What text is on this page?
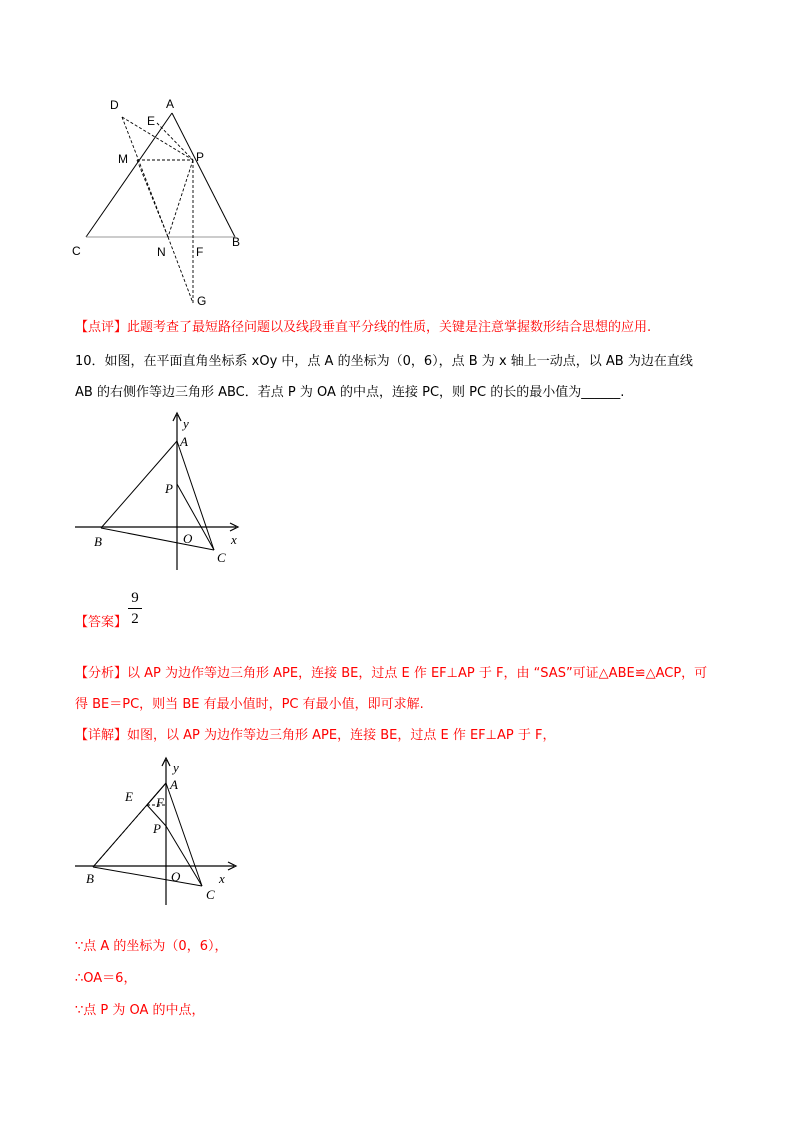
D	A
E
M	P
C	N	F
B
G
【点评】此题考查了最短路径问题以及线段垂直平分线的性质，关键是注意掌握数形结合思想的应用.
10．如图，在平面直角坐标系 xOy 中，点 A 的坐标为（0，6），点 B 为 x 轴上一动点，以 AB 为边在直线
AB 的右侧作等边三角形 ABC．若点 P 为 OA 的中点，连接 PC，则 PC 的长的最小值为______.
y
A
P
B	O	x
C
【答案】
9
2
【分析】以 AP 为边作等边三角形 APE，连接 BE，过点 E 作 EF⊥AP 于 F，由 “SAS”可证△ABE≌△ACP，可
得 BE＝PC，则当 BE 有最小值时，PC 有最小值，即可求解.
【详解】如图，以 AP 为边作等边三角形 APE，连接 BE，过点 E 作 EF⊥AP 于 F，
y
A
E F
P
B	O	x
C
∵点 A 的坐标为（0，6），
∴OA＝6，
∵点 P 为 OA 的中点，
